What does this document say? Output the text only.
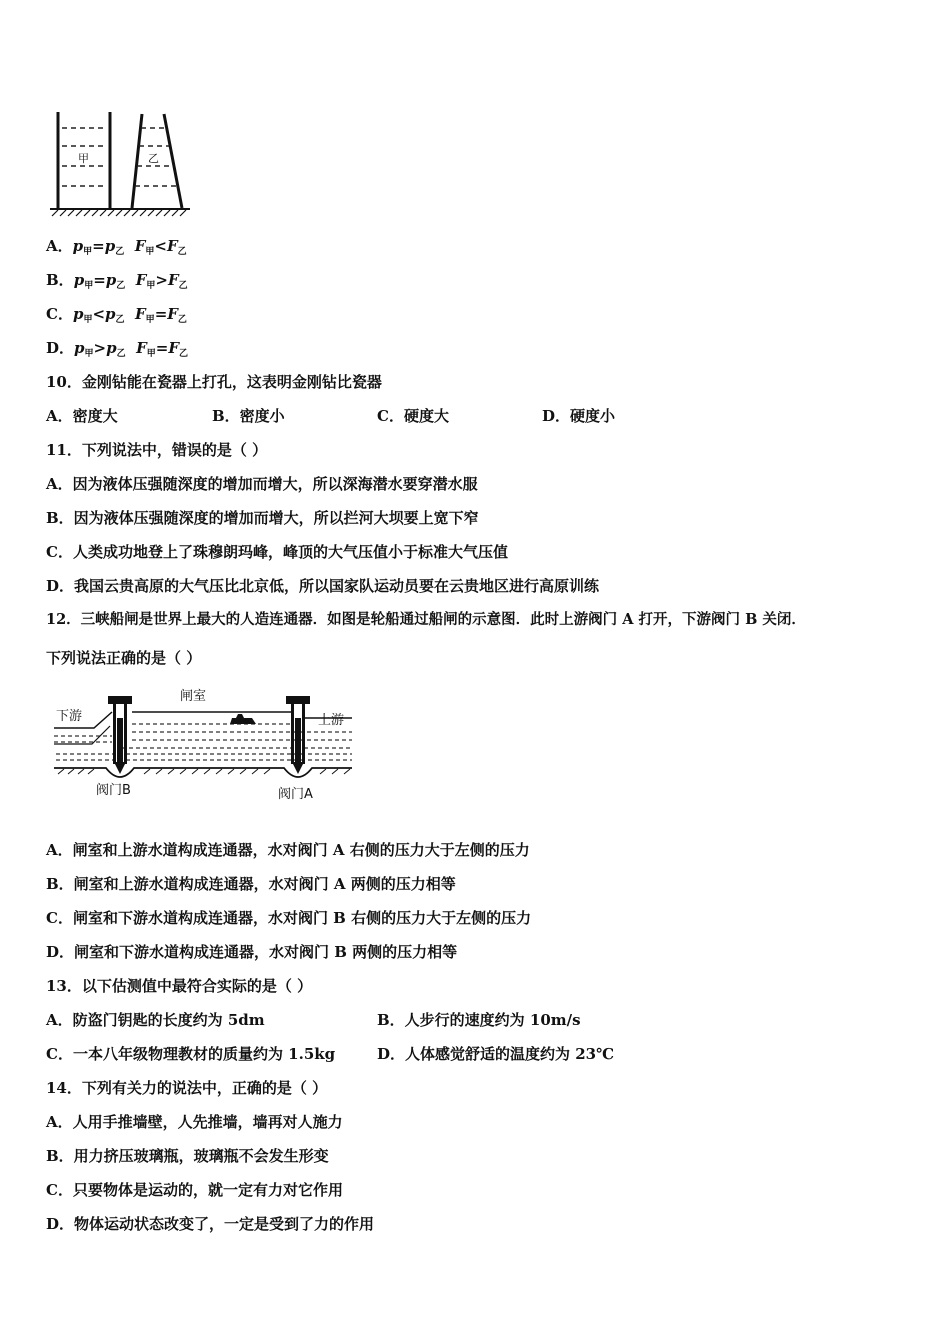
甲	乙
A．$p_甲=p_乙$ $F_甲<F_乙$
B．$p_甲=p_乙$ $F_甲>F_乙$
C．$p_甲<p_乙$ $F_甲=F_乙$
D．$p_甲>p_乙$ $F_甲=F_乙$
10．金刚钻能在瓷器上打孔，这表明金刚钻比瓷器
A．密度大	B．密度小	C．硬度大	D．硬度小
11．下列说法中，错误的是（ ）
A．因为液体压强随深度的增加而增大，所以深海潜水要穿潜水服
B．因为液体压强随深度的增加而增大，所以拦河大坝要上宽下窄
C．人类成功地登上了珠穆朗玛峰，峰顶的大气压值小于标准大气压值
D．我国云贵高原的大气压比北京低，所以国家队运动员要在云贵地区进行高原训练
12．三峡船闸是世界上最大的人造连通器．如图是轮船通过船闸的示意图．此时上游阀门 A 打开，下游阀门 B 关闭．
下列说法正确的是（ ）
下游
闸室
上游
阀门B	阀门A
A．闸室和上游水道构成连通器，水对阀门 A 右侧的压力大于左侧的压力
B．闸室和上游水道构成连通器，水对阀门 A 两侧的压力相等
C．闸室和下游水道构成连通器，水对阀门 B 右侧的压力大于左侧的压力
D．闸室和下游水道构成连通器，水对阀门 B 两侧的压力相等
13．以下估测值中最符合实际的是（ ）
A．防盗门钥匙的长度约为 5dm	B．人步行的速度约为 10m/s
C．一本八年级物理教材的质量约为 1.5kg	D．人体感觉舒适的温度约为 23℃
14．下列有关力的说法中，正确的是（ ）
A．人用手推墙壁，人先推墙，墙再对人施力
B．用力挤压玻璃瓶，玻璃瓶不会发生形变
C．只要物体是运动的，就一定有力对它作用
D．物体运动状态改变了，一定是受到了力的作用
